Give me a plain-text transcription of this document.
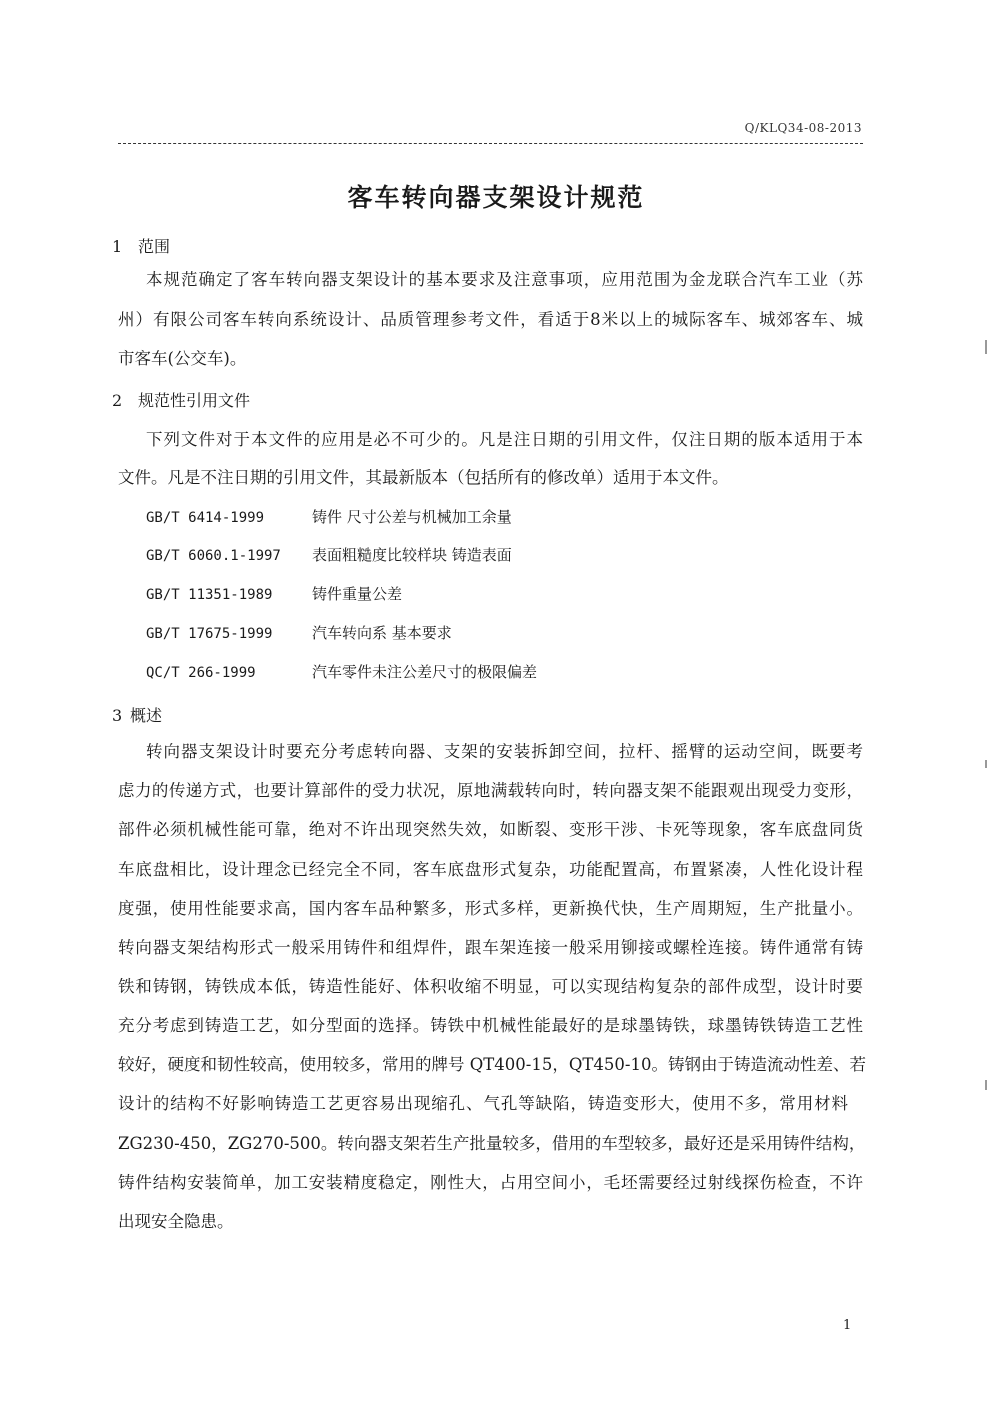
Q/KLQ34-08-2013
客车转向器支架设计规范
1 范围
本规范确定了客车转向器支架设计的基本要求及注意事项，应用范围为金龙联合汽车工业（苏
州）有限公司客车转向系统设计、品质管理参考文件，看适于8米以上的城际客车、城郊客车、城
市客车(公交车)。
2 规范性引用文件
下列文件对于本文件的应用是必不可少的。凡是注日期的引用文件，仅注日期的版本适用于本
文件。凡是不注日期的引用文件，其最新版本（包括所有的修改单）适用于本文件。
GB/T 6414-1999	铸件 尺寸公差与机械加工余量
GB/T 6060.1-1997 表面粗糙度比较样块 铸造表面
GB/T 11351-1989	铸件重量公差
GB/T 17675-1999	汽车转向系 基本要求
QC/T 266-1999	汽车零件未注公差尺寸的极限偏差
3 概述
转向器支架设计时要充分考虑转向器、支架的安装拆卸空间，拉杆、摇臂的运动空间，既要考
虑力的传递方式，也要计算部件的受力状况，原地满载转向时，转向器支架不能跟观出现受力变形，
部件必须机械性能可靠，绝对不许出现突然失效，如断裂、变形干涉、卡死等现象，客车底盘同货
车底盘相比，设计理念已经完全不同，客车底盘形式复杂，功能配置高，布置紧凑，人性化设计程
度强，使用性能要求高，国内客车品种繁多，形式多样，更新换代快，生产周期短，生产批量小。
转向器支架结构形式一般采用铸件和组焊件，跟车架连接一般采用铆接或螺栓连接。铸件通常有铸
铁和铸钢，铸铁成本低，铸造性能好、体积收缩不明显，可以实现结构复杂的部件成型，设计时要
充分考虑到铸造工艺，如分型面的选择。铸铁中机械性能最好的是球墨铸铁，球墨铸铁铸造工艺性
较好，硬度和韧性较高，使用较多，常用的牌号 QT400-15，QT450-10。铸钢由于铸造流动性差、若
设计的结构不好影响铸造工艺更容易出现缩孔、气孔等缺陷，铸造变形大，使用不多，常用材料
ZG230-450，ZG270-500。转向器支架若生产批量较多，借用的车型较多，最好还是采用铸件结构，
铸件结构安装简单，加工安装精度稳定，刚性大，占用空间小，毛坯需要经过射线探伤检查，不许
出现安全隐患。
1
